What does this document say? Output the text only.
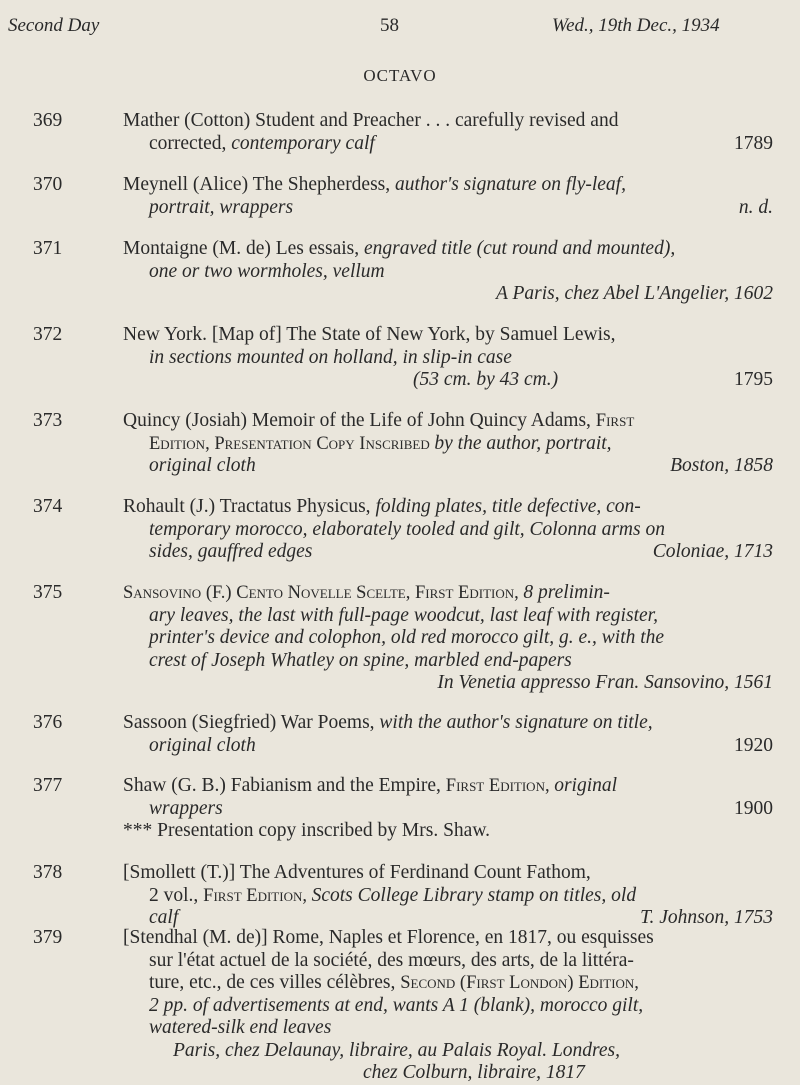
Second Day	58	Wed., 19th Dec., 1934
OCTAVO
369	Mather (Cotton) Student and Preacher . . . carefully revised and
corrected, contemporary calf	1789
370	Meynell (Alice) The Shepherdess, author's signature on fly-leaf,
portrait, wrappers	n. d.
371	Montaigne (M. de) Les essais, engraved title (cut round and mounted),
one or two wormholes, vellum
A Paris, chez Abel L'Angelier, 1602
372	New York. [Map of] The State of New York, by Samuel Lewis,
in sections mounted on holland, in slip-in case
(53 cm. by 43 cm.)	1795
373	Quincy (Josiah) Memoir of the Life of John Quincy Adams, First
Edition, Presentation Copy Inscribed by the author, portrait,
original cloth	Boston, 1858
374	Rohault (J.) Tractatus Physicus, folding plates, title defective, con-
temporary morocco, elaborately tooled and gilt, Colonna arms on
sides, gauffred edges	Coloniae, 1713
375	Sansovino (F.) Cento Novelle Scelte, First Edition, 8 prelimin-
ary leaves, the last with full-page woodcut, last leaf with register,
printer's device and colophon, old red morocco gilt, g. e., with the
crest of Joseph Whatley on spine, marbled end-papers
In Venetia appresso Fran. Sansovino, 1561
376	Sassoon (Siegfried) War Poems, with the author's signature on title,
original cloth	1920
377	Shaw (G. B.) Fabianism and the Empire, First Edition, original
wrappers	1900
*** Presentation copy inscribed by Mrs. Shaw.
378	[Smollett (T.)] The Adventures of Ferdinand Count Fathom,
2 vol., First Edition, Scots College Library stamp on titles, old
calf	T. Johnson, 1753
379	[Stendhal (M. de)] Rome, Naples et Florence, en 1817, ou esquisses
sur l'état actuel de la société, des mœurs, des arts, de la littéra-
ture, etc., de ces villes célèbres, Second (First London) Edition,
2 pp. of advertisements at end, wants A 1 (blank), morocco gilt,
watered-silk end leaves
Paris, chez Delaunay, libraire, au Palais Royal. Londres,
chez Colburn, libraire, 1817
